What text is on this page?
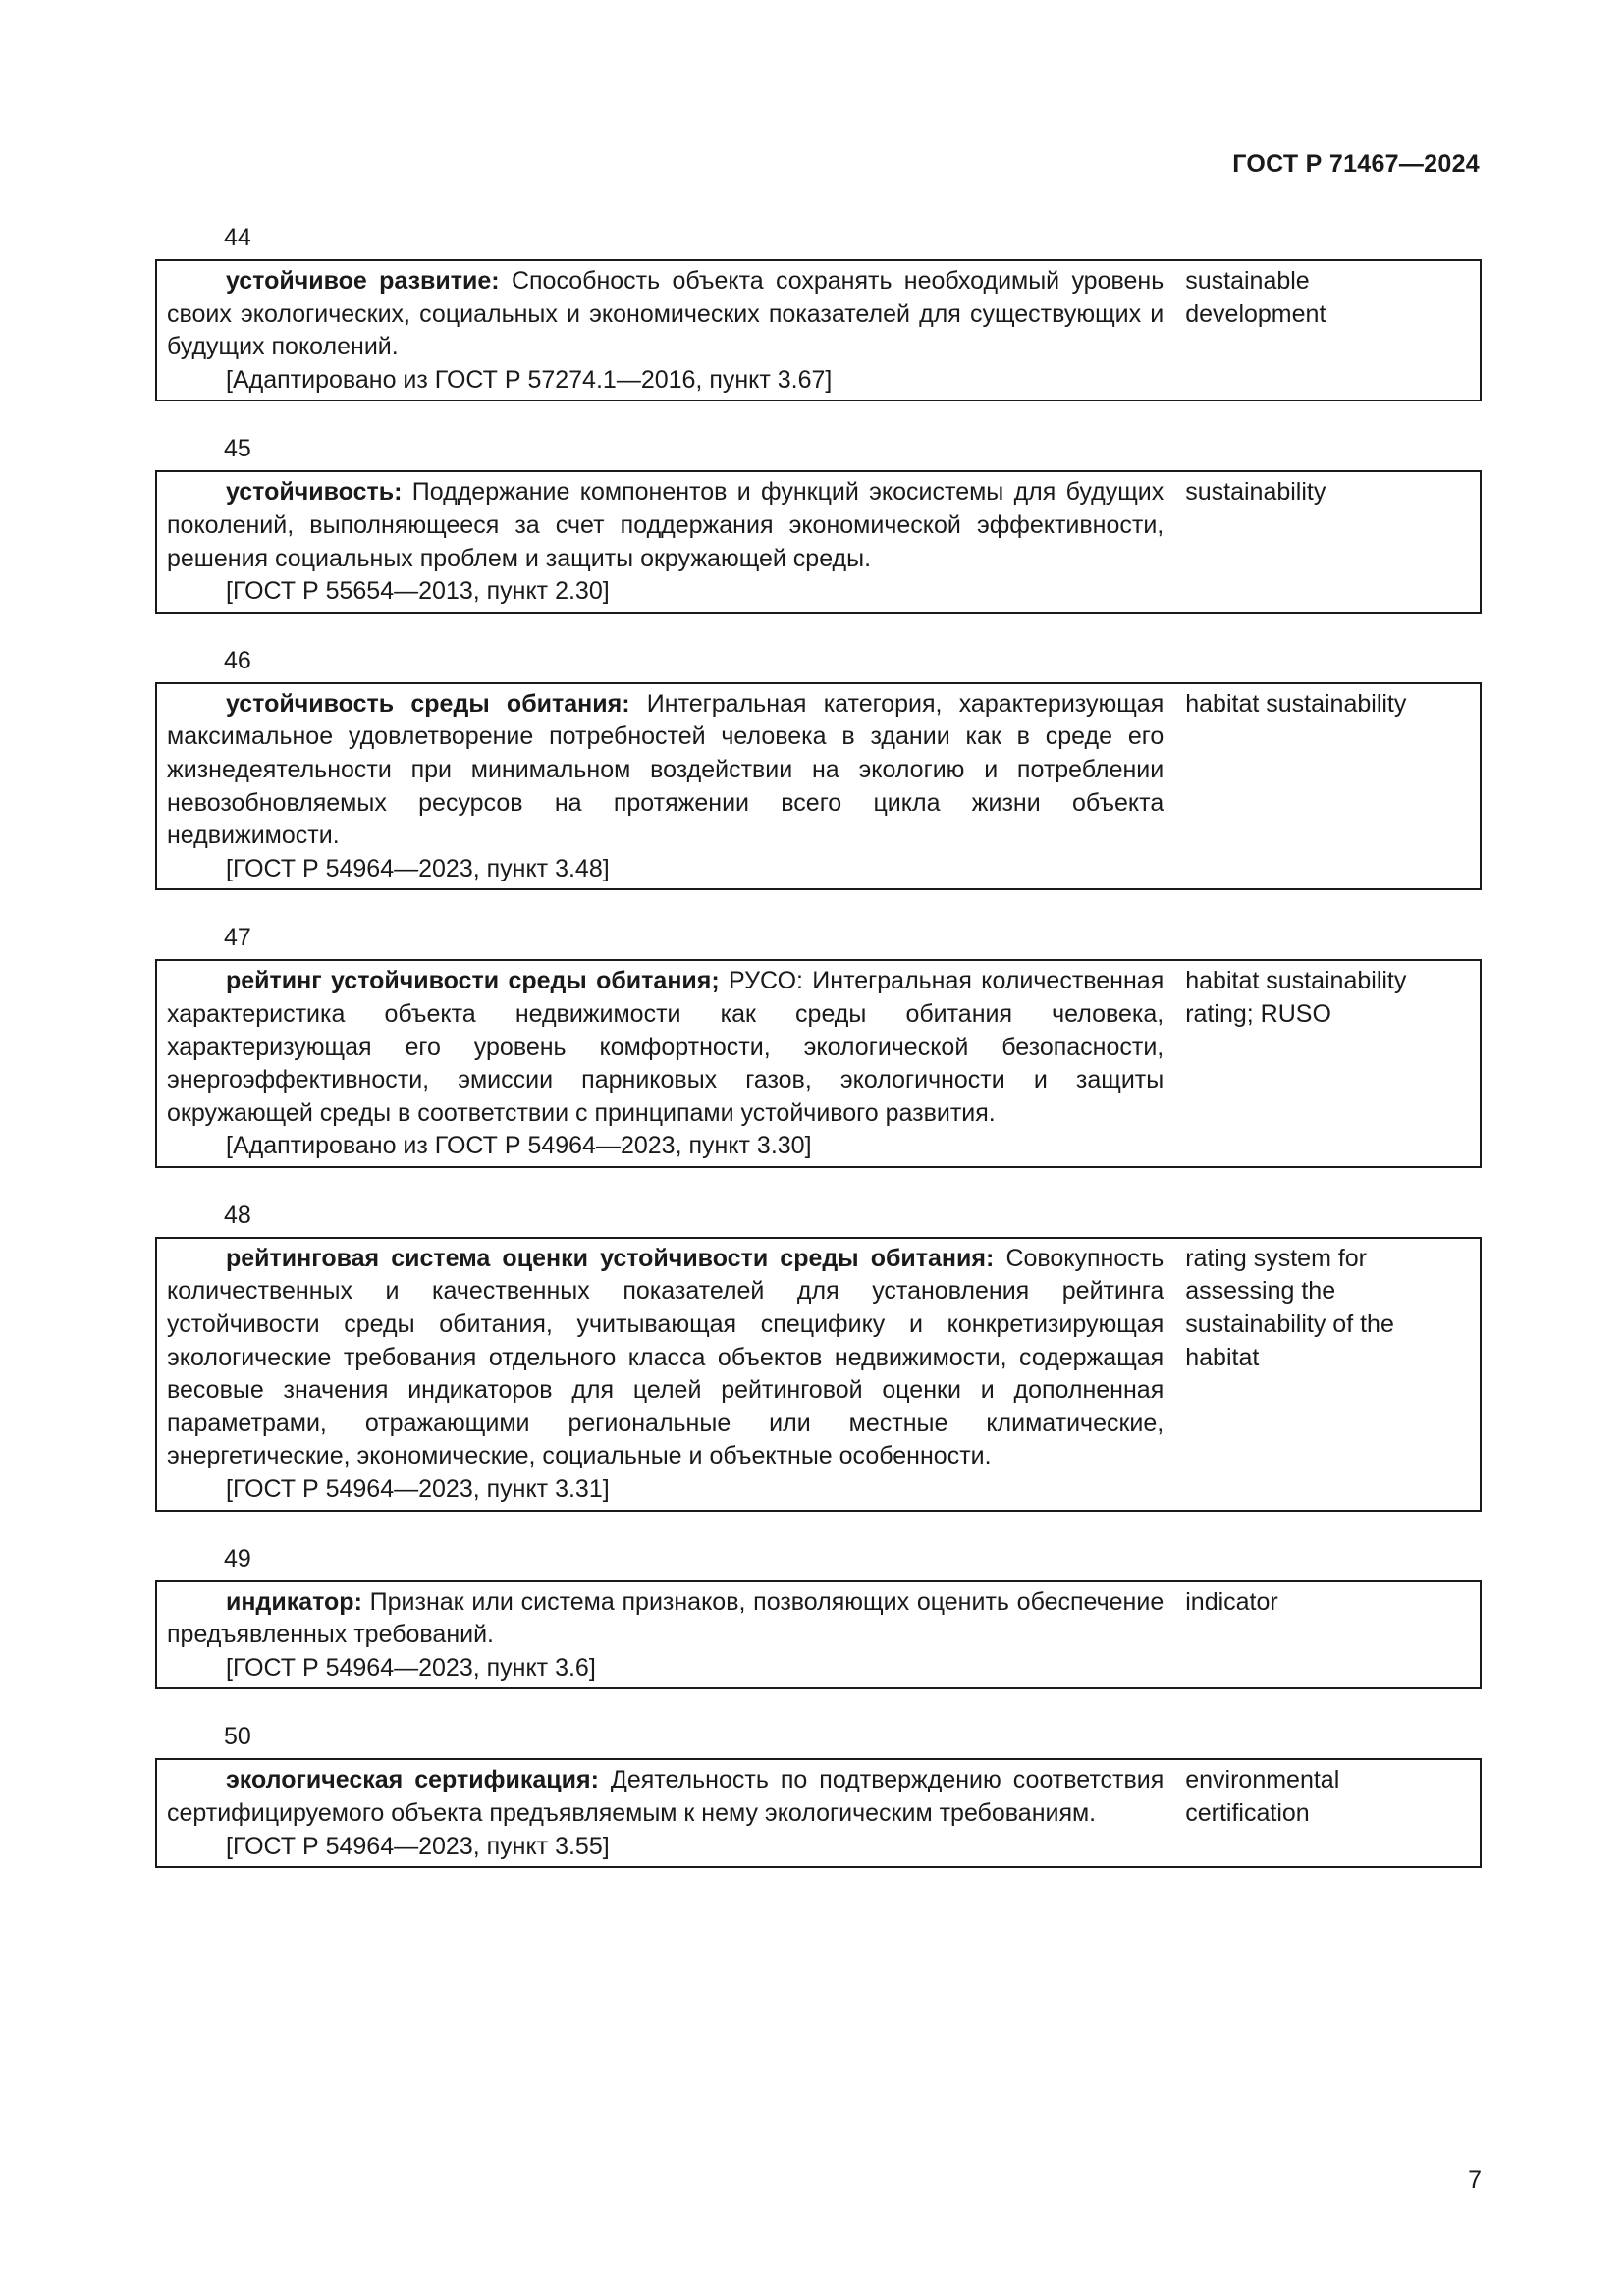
ГОСТ Р 71467—2024
44
устойчивое развитие: Способность объекта сохранять необходимый уровень своих экологических, социальных и экономических показателей для существующих и будущих поколений.
[Адаптировано из ГОСТ Р 57274.1—2016, пункт 3.67]
sustainable
development
45
устойчивость: Поддержание компонентов и функций экосистемы для будущих поколений, выполняющееся за счет поддержания экономической эффективности, решения социальных проблем и защиты окружающей среды.
[ГОСТ Р 55654—2013, пункт 2.30]
sustainability
46
устойчивость среды обитания: Интегральная категория, характеризующая максимальное удовлетворение потребностей человека в здании как в среде его жизнедеятельности при минимальном воздействии на экологию и потреблении невозобновляемых ресурсов на протяжении всего цикла жизни объекта недвижимости.
[ГОСТ Р 54964—2023, пункт 3.48]
habitat sustainability
47
рейтинг устойчивости среды обитания; РУСО: Интегральная количественная характеристика объекта недвижимости как среды обитания человека, характеризующая его уровень комфортности, экологической безопасности, энергоэффективности, эмиссии парниковых газов, экологичности и защиты окружающей среды в соответствии с принципами устойчивого развития.
[Адаптировано из ГОСТ Р 54964—2023, пункт 3.30]
habitat sustainability
rating; RUSO
48
рейтинговая система оценки устойчивости среды обитания: Совокупность количественных и качественных показателей для установления рейтинга устойчивости среды обитания, учитывающая специфику и конкретизирующая экологические требования отдельного класса объектов недвижимости, содержащая весовые значения индикаторов для целей рейтинговой оценки и дополненная параметрами, отражающими региональные или местные климатические, энергетические, экономические, социальные и объектные особенности.
[ГОСТ Р 54964—2023, пункт 3.31]
rating system for
assessing the
sustainability of the
habitat
49
индикатор: Признак или система признаков, позволяющих оценить обеспечение предъявленных требований.
[ГОСТ Р 54964—2023, пункт 3.6]
indicator
50
экологическая сертификация: Деятельность по подтверждению соответствия сертифицируемого объекта предъявляемым к нему экологическим требованиям.
[ГОСТ Р 54964—2023, пункт 3.55]
environmental
certification
7
